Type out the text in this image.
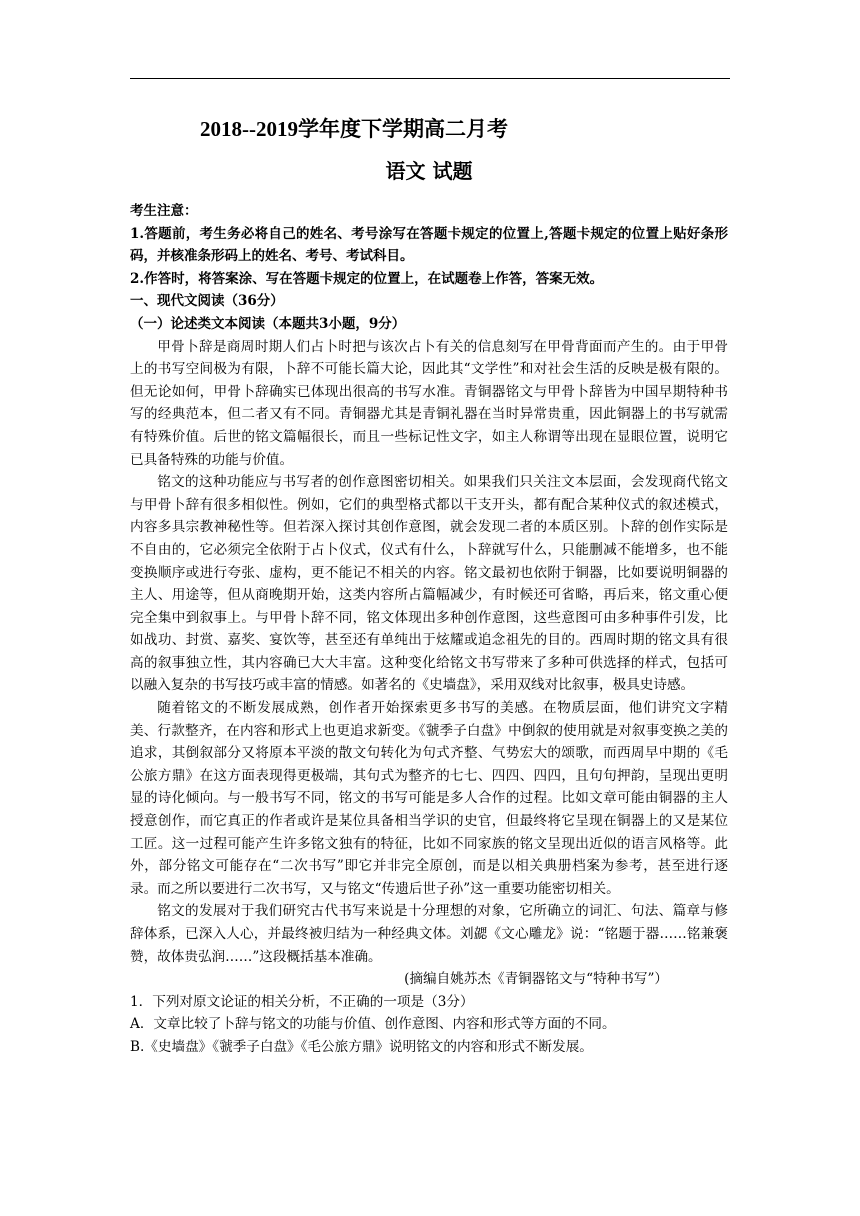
2018--2019学年度下学期高二月考
语文 试题

考生注意：

1.答题前，考生务必将自己的姓名、考号涂写在答题卡规定的位置上,答题卡规定的位置上贴好条形码，并核准条形码上的姓名、考号、考试科目。

2.作答时，将答案涂、写在答题卡规定的位置上，在试题卷上作答，答案无效。

一、现代文阅读（36分）

（一）论述类文本阅读（本题共3小题，9分）

甲骨卜辞是商周时期人们占卜时把与该次占卜有关的信息刻写在甲骨背面而产生的。由于甲骨上的书写空间极为有限，卜辞不可能长篇大论，因此其“文学性”和对社会生活的反映是极有限的。但无论如何，甲骨卜辞确实已体现出很高的书写水准。青铜器铭文与甲骨卜辞皆为中国早期特种书写的经典范本，但二者又有不同。青铜器尤其是青铜礼器在当时异常贵重，因此铜器上的书写就需有特殊价值。后世的铭文篇幅很长，而且一些标记性文字，如主人称谓等出现在显眼位置，说明它已具备特殊的功能与价值。

铭文的这种功能应与书写者的创作意图密切相关。如果我们只关注文本层面，会发现商代铭文与甲骨卜辞有很多相似性。例如，它们的典型格式都以干支开头，都有配合某种仪式的叙述模式，内容多具宗教神秘性等。但若深入探讨其创作意图，就会发现二者的本质区别。卜辞的创作实际是不自由的，它必须完全依附于占卜仪式，仪式有什么，卜辞就写什么，只能删减不能增多，也不能变换顺序或进行夸张、虚构，更不能记不相关的内容。铭文最初也依附于铜器，比如要说明铜器的主人、用途等，但从商晚期开始，这类内容所占篇幅减少，有时候还可省略，再后来，铭文重心便完全集中到叙事上。与甲骨卜辞不同，铭文体现出多种创作意图，这些意图可由多种事件引发，比如战功、封赏、嘉奖、宴饮等，甚至还有单纯出于炫耀或追念祖先的目的。西周时期的铭文具有很高的叙事独立性，其内容确已大大丰富。这种变化给铭文书写带来了多种可供选择的样式，包括可以融入复杂的书写技巧或丰富的情感。如著名的《史墙盘》，采用双线对比叙事，极具史诗感。

随着铭文的不断发展成熟，创作者开始探索更多书写的美感。在物质层面，他们讲究文字精美、行款整齐，在内容和形式上也更追求新变。《虢季子白盘》中倒叙的使用就是对叙事变换之美的追求，其倒叙部分又将原本平淡的散文句转化为句式齐整、气势宏大的颂歌，而西周早中期的《毛公旅方鼎》在这方面表现得更极端，其句式为整齐的七七、四四、四四，且句句押韵，呈现出更明显的诗化倾向。与一般书写不同，铭文的书写可能是多人合作的过程。比如文章可能由铜器的主人授意创作，而它真正的作者或许是某位具备相当学识的史官，但最终将它呈现在铜器上的又是某位工匠。这一过程可能产生许多铭文独有的特征，比如不同家族的铭文呈现出近似的语言风格等。此外，部分铭文可能存在“二次书写”即它并非完全原创，而是以相关典册档案为参考，甚至进行逐录。而之所以要进行二次书写，又与铭文“传遗后世子孙”这一重要功能密切相关。

铭文的发展对于我们研究古代书写来说是十分理想的对象，它所确立的词汇、句法、篇章与修辞体系，已深入人心，并最终被归结为一种经典文体。刘勰《文心雕龙》说：“铭题于器……铭兼褒赞，故体贵弘润……”这段概括基本准确。

(摘编自姚苏杰《青铜器铭文与“特种书写”）

1．下列对原文论证的相关分析，不正确的一项是（3分）

A．文章比较了卜辞与铭文的功能与价值、创作意图、内容和形式等方面的不同。

B.《史墙盘》《虢季子白盘》《毛公旅方鼎》说明铭文的内容和形式不断发展。
